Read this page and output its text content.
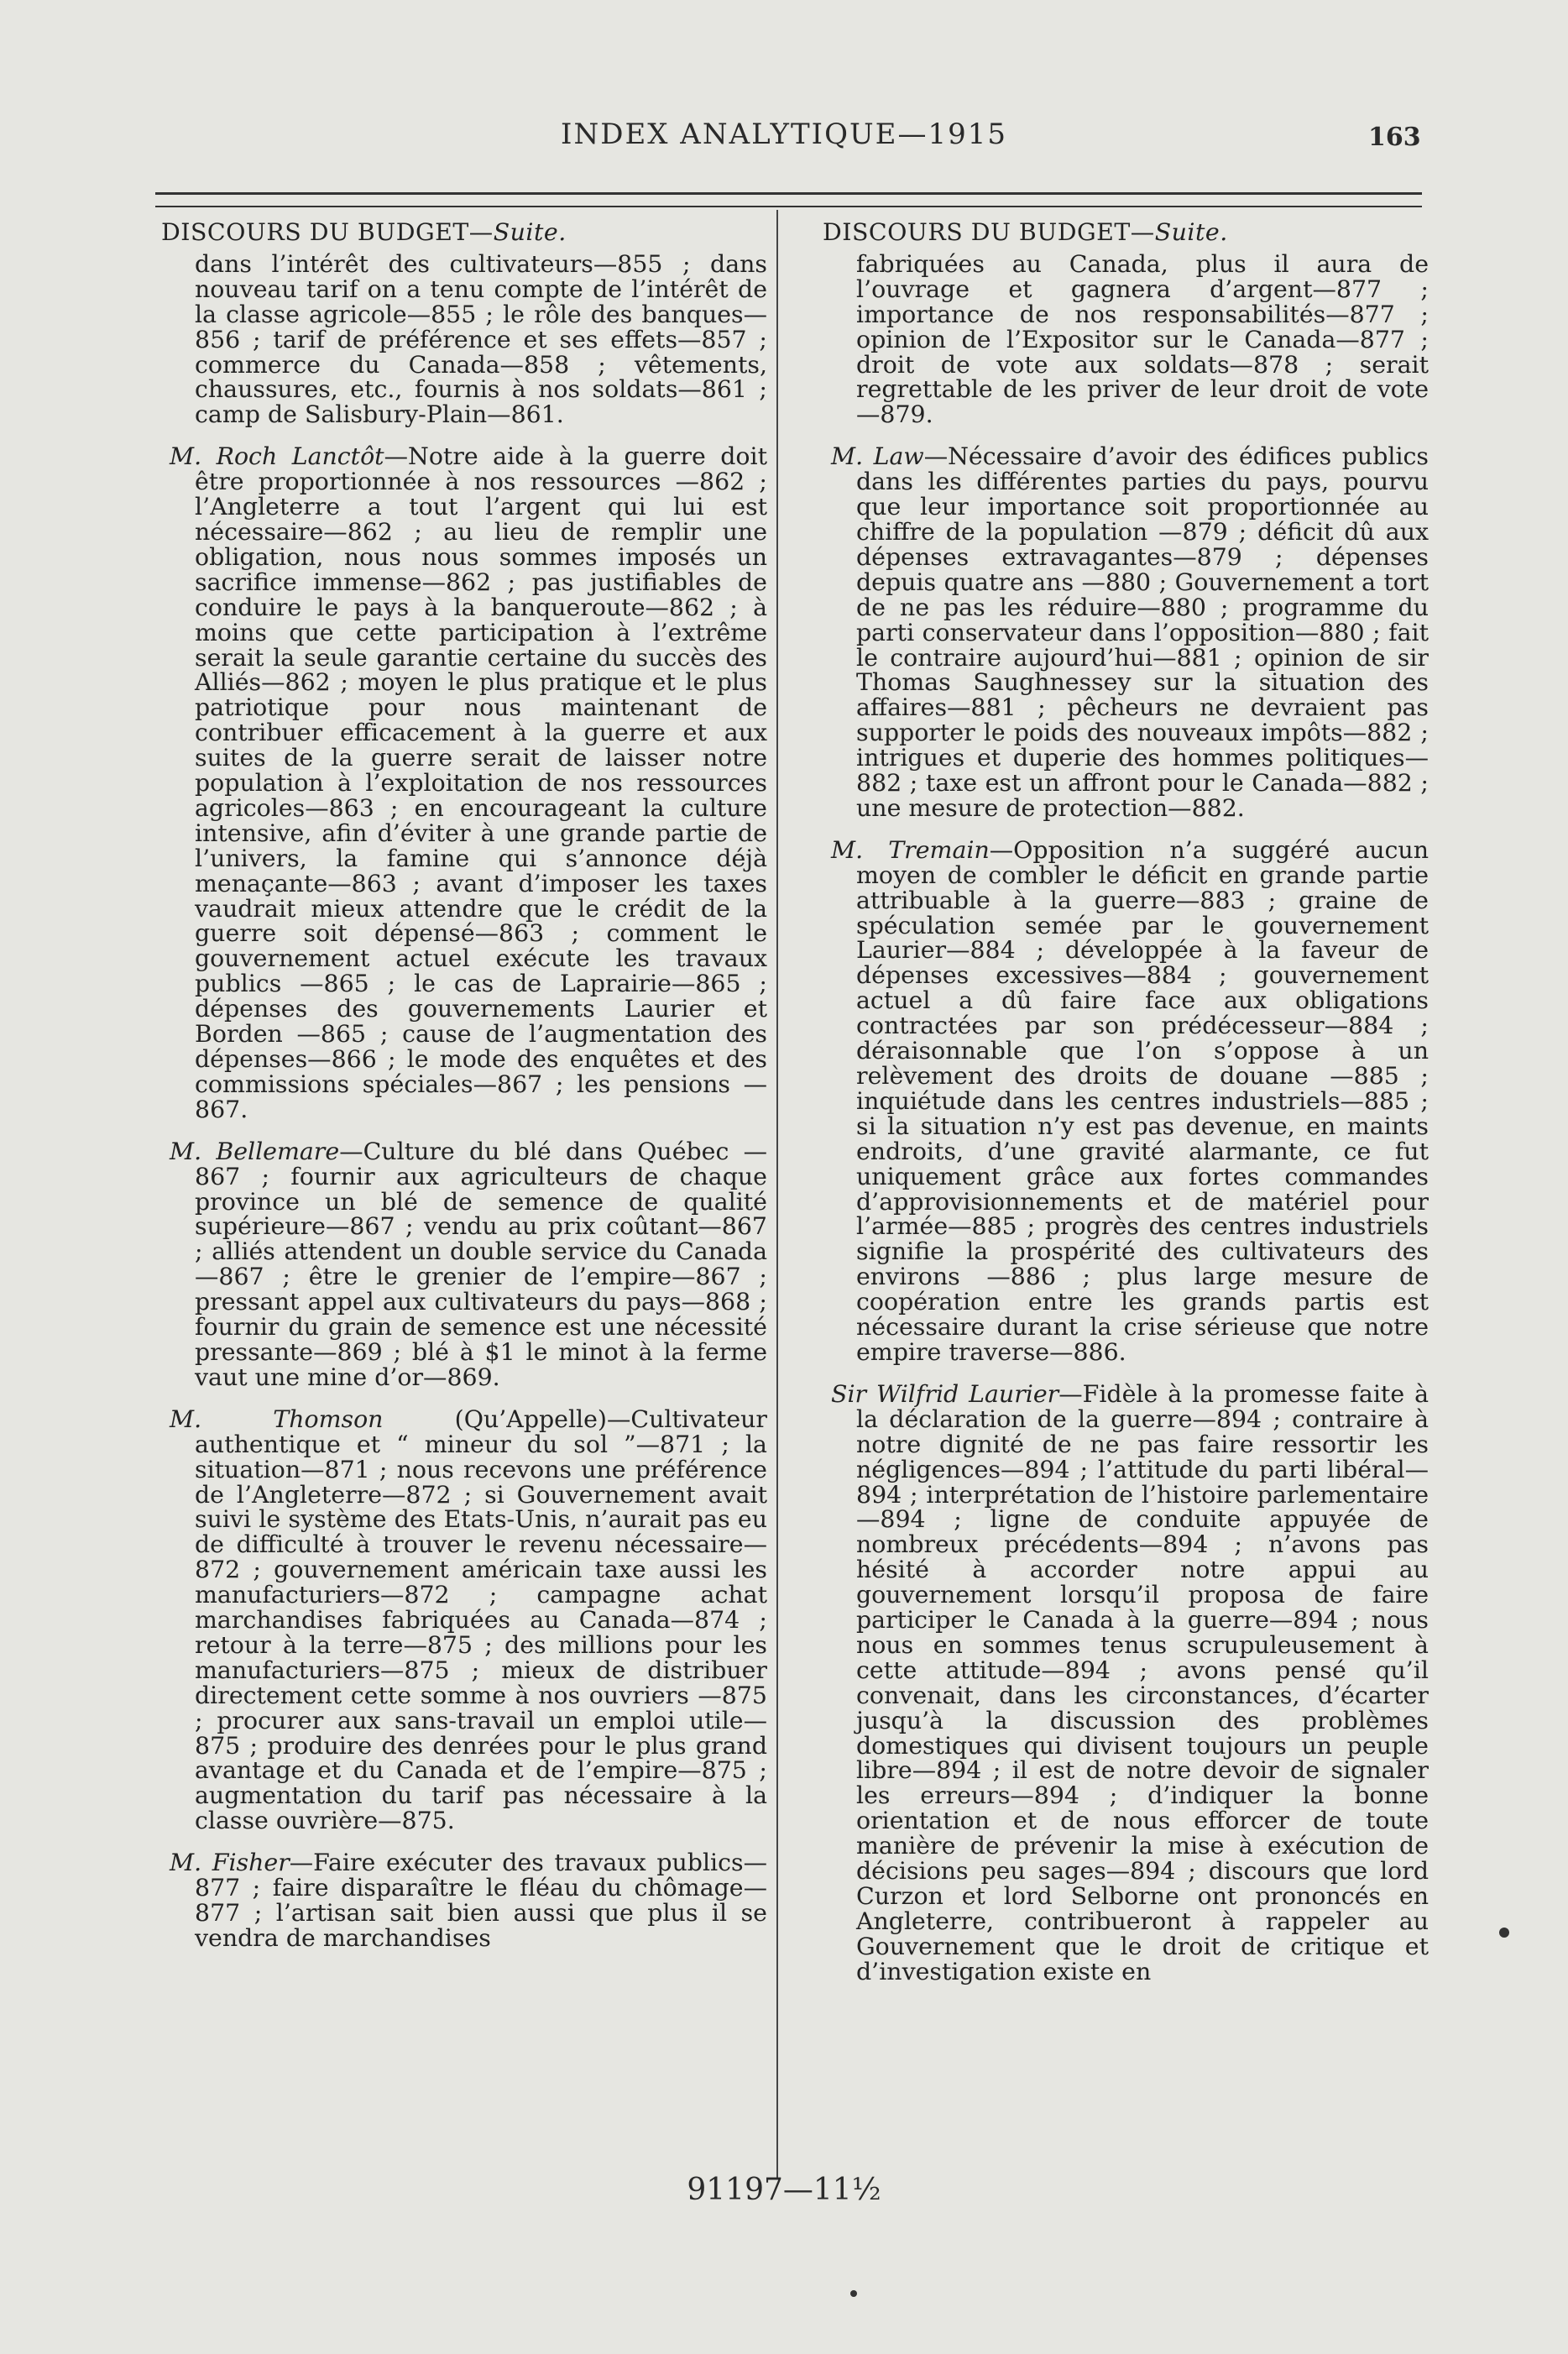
INDEX ANALYTIQUE—1915	163
DISCOURS DU BUDGET—Suite.
dans l’intérêt des cultivateurs—855 ; dans nouveau tarif on a tenu compte de l’intérêt de la classe agricole—855 ; le rôle des banques—856 ; tarif de préférence et ses effets—857 ; commerce du Canada—858 ; vêtements, chaussures, etc., fournis à nos soldats—861 ; camp de Salisbury-Plain—861.
M. Roch Lanctôt—Notre aide à la guerre doit être proportionnée à nos ressources —862 ; l’Angleterre a tout l’argent qui lui est nécessaire—862 ; au lieu de remplir une obligation, nous nous sommes imposés un sacrifice immense—862 ; pas justifiables de conduire le pays à la banqueroute—862 ; à moins que cette participation à l’extrême serait la seule garantie certaine du succès des Alliés—862 ; moyen le plus pratique et le plus patriotique pour nous maintenant de contribuer efficacement à la guerre et aux suites de la guerre serait de laisser notre population à l’exploitation de nos ressources agricoles—863 ; en encourageant la culture intensive, afin d’éviter à une grande partie de l’univers, la famine qui s’annonce déjà menaçante—863 ; avant d’imposer les taxes vaudrait mieux attendre que le crédit de la guerre soit dépensé—863 ; comment le gouvernement actuel exécute les travaux publics —865 ; le cas de Laprairie—865 ; dépenses des gouvernements Laurier et Borden —865 ; cause de l’augmentation des dépenses—866 ; le mode des enquêtes et des commissions spéciales—867 ; les pensions —867.
M. Bellemare—Culture du blé dans Québec —867 ; fournir aux agriculteurs de chaque province un blé de semence de qualité supérieure—867 ; vendu au prix coûtant—867 ; alliés attendent un double service du Canada—867 ; être le grenier de l’empire—867 ; pressant appel aux cultivateurs du pays—868 ; fournir du grain de semence est une nécessité pressante—869 ; blé à $1 le minot à la ferme vaut une mine d’or—869.
M. Thomson (Qu’Appelle)—Cultivateur authentique et “ mineur du sol ”—871 ; la situation—871 ; nous recevons une préférence de l’Angleterre—872 ; si Gouvernement avait suivi le système des Etats-Unis, n’aurait pas eu de difficulté à trouver le revenu nécessaire—872 ; gouvernement américain taxe aussi les manufacturiers—872 ; campagne achat marchandises fabriquées au Canada—874 ; retour à la terre—875 ; des millions pour les manufacturiers—875 ; mieux de distribuer directement cette somme à nos ouvriers —875 ; procurer aux sans-travail un emploi utile—875 ; produire des denrées pour le plus grand avantage et du Canada et de l’empire—875 ; augmentation du tarif pas nécessaire à la classe ouvrière—875.
M. Fisher—Faire exécuter des travaux publics—877 ; faire disparaître le fléau du chômage—877 ; l’artisan sait bien aussi que plus il se vendra de marchandises
DISCOURS DU BUDGET—Suite.
fabriquées au Canada, plus il aura de l’ouvrage et gagnera d’argent—877 ; importance de nos responsabilités—877 ; opinion de l’Expositor sur le Canada—877 ; droit de vote aux soldats—878 ; serait regrettable de les priver de leur droit de vote—879.
M. Law—Nécessaire d’avoir des édifices publics dans les différentes parties du pays, pourvu que leur importance soit proportionnée au chiffre de la population —879 ; déficit dû aux dépenses extravagantes—879 ; dépenses depuis quatre ans —880 ; Gouvernement a tort de ne pas les réduire—880 ; programme du parti conservateur dans l’opposition—880 ; fait le contraire aujourd’hui—881 ; opinion de sir Thomas Saughnessey sur la situation des affaires—881 ; pêcheurs ne devraient pas supporter le poids des nouveaux impôts—882 ; intrigues et duperie des hommes politiques—882 ; taxe est un affront pour le Canada—882 ; une mesure de protection—882.
M. Tremain—Opposition n’a suggéré aucun moyen de combler le déficit en grande partie attribuable à la guerre—883 ; graine de spéculation semée par le gouvernement Laurier—884 ; développée à la faveur de dépenses excessives—884 ; gouvernement actuel a dû faire face aux obligations contractées par son prédécesseur—884 ; déraisonnable que l’on s’oppose à un relèvement des droits de douane —885 ; inquiétude dans les centres industriels—885 ; si la situation n’y est pas devenue, en maints endroits, d’une gravité alarmante, ce fut uniquement grâce aux fortes commandes d’approvisionnements et de matériel pour l’armée—885 ; progrès des centres industriels signifie la prospérité des cultivateurs des environs —886 ; plus large mesure de coopération entre les grands partis est nécessaire durant la crise sérieuse que notre empire traverse—886.
Sir Wilfrid Laurier—Fidèle à la promesse faite à la déclaration de la guerre—894 ; contraire à notre dignité de ne pas faire ressortir les négligences—894 ; l’attitude du parti libéral—894 ; interprétation de l’histoire parlementaire—894 ; ligne de conduite appuyée de nombreux précédents—894 ; n’avons pas hésité à accorder notre appui au gouvernement lorsqu’il proposa de faire participer le Canada à la guerre—894 ; nous nous en sommes tenus scrupuleusement à cette attitude—894 ; avons pensé qu’il convenait, dans les circonstances, d’écarter jusqu’à la discussion des problèmes domestiques qui divisent toujours un peuple libre—894 ; il est de notre devoir de signaler les erreurs—894 ; d’indiquer la bonne orientation et de nous efforcer de toute manière de prévenir la mise à exécution de décisions peu sages—894 ; discours que lord Curzon et lord Selborne ont prononcés en Angleterre, contribueront à rappeler au Gouvernement que le droit de critique et d’investigation existe en
91197—11½
